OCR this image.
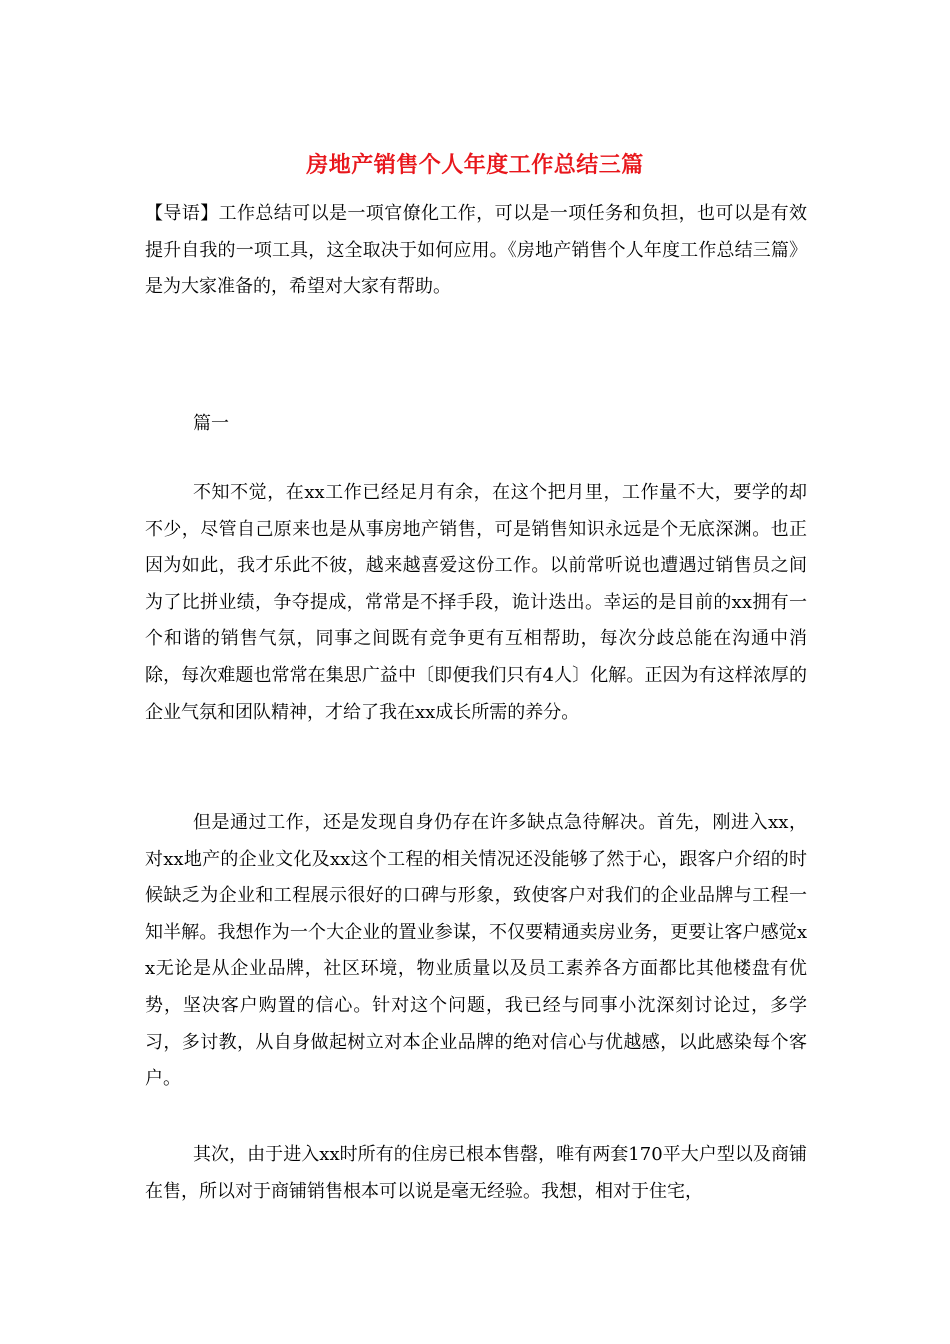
房地产销售个人年度工作总结三篇

【导语】工作总结可以是一项官僚化工作，可以是一项任务和负担，也可以是有效提升自我的一项工具，这全取决于如何应用。《房地产销售个人年度工作总结三篇》是为大家准备的，希望对大家有帮助。

篇一

不知不觉，在xx工作已经足月有余，在这个把月里，工作量不大，要学的却不少，尽管自己原来也是从事房地产销售，可是销售知识永远是个无底深渊。也正因为如此，我才乐此不彼，越来越喜爱这份工作。以前常听说也遭遇过销售员之间为了比拼业绩，争夺提成，常常是不择手段，诡计迭出。幸运的是目前的xx拥有一个和谐的销售气氛，同事之间既有竞争更有互相帮助，每次分歧总能在沟通中消除，每次难题也常常在集思广益中〔即便我们只有4人〕化解。正因为有这样浓厚的企业气氛和团队精神，才给了我在xx成长所需的养分。

但是通过工作，还是发现自身仍存在许多缺点急待解决。首先，刚进入xx，对xx地产的企业文化及xx这个工程的相关情况还没能够了然于心，跟客户介绍的时候缺乏为企业和工程展示很好的口碑与形象，致使客户对我们的企业品牌与工程一知半解。我想作为一个大企业的置业参谋，不仅要精通卖房业务，更要让客户感觉xx无论是从企业品牌，社区环境，物业质量以及员工素养各方面都比其他楼盘有优势，坚决客户购置的信心。针对这个问题，我已经与同事小沈深刻讨论过，多学习，多讨教，从自身做起树立对本企业品牌的绝对信心与优越感，以此感染每个客户。

其次，由于进入xx时所有的住房已根本售罄，唯有两套170平大户型以及商铺在售，所以对于商铺销售根本可以说是毫无经验。我想，相对于住宅，
